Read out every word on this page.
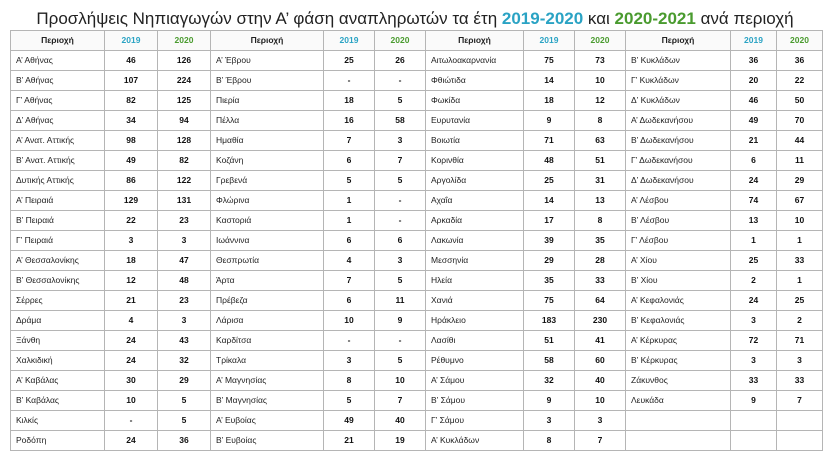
Προσλήψεις Νηπιαγωγών στην Α’ φάση αναπληρωτών τα έτη 2019-2020 και 2020-2021 ανά περιοχή
Περιοχή	2019	2020
Α’ Αθήνας	46	126
Β’ Αθήνας	107	224
Γ’ Αθήνας	82	125
Δ’ Αθήνας	34	94
Α’ Ανατ. Αττικής	98	128
Β’ Ανατ. Αττικής	49	82
Δυτικής Αττικής	86	122
Α’ Πειραιά	129	131
Β’ Πειραιά	22	23
Γ’ Πειραιά	3	3
Α’ Θεσσαλονίκης	18	47
Β’ Θεσσαλονίκης	12	48
Σέρρες	21	23
Δράμα	4	3
Ξάνθη	24	43
Χαλκιδική	24	32
Α’ Καβάλας	30	29
Β’ Καβάλας	10	5
Κιλκίς	-	5
Ροδόπη	24	36
Περιοχή	2019	2020
Α’ Έβρου	25	26
Β’ Έβρου	-	-
Πιερία	18	5
Πέλλα	16	58
Ημαθία	7	3
Κοζάνη	6	7
Γρεβενά	5	5
Φλώρινα	1	-
Καστοριά	1	-
Ιωάννινα	6	6
Θεσπρωτία	4	3
Άρτα	7	5
Πρέβεζα	6	11
Λάρισα	10	9
Καρδίτσα	-	-
Τρίκαλα	3	5
Α’ Μαγνησίας	8	10
Β’ Μαγνησίας	5	7
Α’ Ευβοίας	49	40
Β’ Ευβοίας	21	19
Περιοχή	2019	2020
Αιτωλοακαρνανία	75	73
Φθιώτιδα	14	10
Φωκίδα	18	12
Ευρυτανία	9	8
Βοιωτία	71	63
Κορινθία	48	51
Αργολίδα	25	31
Αχαΐα	14	13
Αρκαδία	17	8
Λακωνία	39	35
Μεσσηνία	29	28
Ηλεία	35	33
Χανιά	75	64
Ηράκλειο	183	230
Λασίθι	51	41
Ρέθυμνο	58	60
Α’ Σάμου	32	40
Β’ Σάμου	9	10
Γ’ Σάμου	3	3
Α’ Κυκλάδων	8	7
Περιοχή	2019	2020
Β’ Κυκλάδων	36	36
Γ’ Κυκλάδων	20	22
Δ’ Κυκλάδων	46	50
Α’ Δωδεκανήσου	49	70
Β’ Δωδεκανήσου	21	44
Γ’ Δωδεκανήσου	6	11
Δ’ Δωδεκανήσου	24	29
Α’ Λέσβου	74	67
Β’ Λέσβου	13	10
Γ’ Λέσβου	1	1
Α’ Χίου	25	33
Β’ Χίου	2	1
Α’ Κεφαλονιάς	24	25
Β’ Κεφαλονιάς	3	2
Α’ Κέρκυρας	72	71
Β’ Κέρκυρας	3	3
Ζάκυνθος	33	33
Λευκάδα	9	7
